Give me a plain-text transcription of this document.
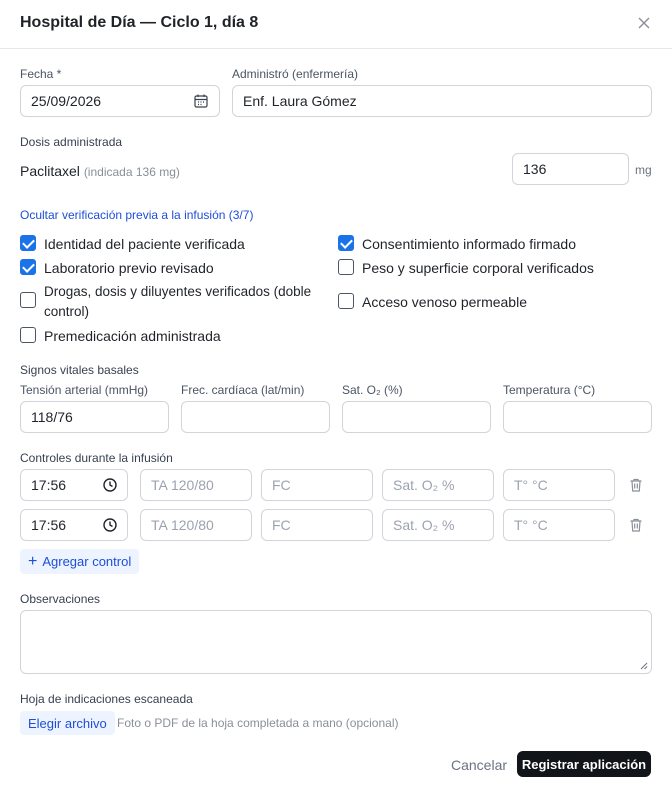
Hospital de Día — Ciclo 1, día 8
Fecha *
25/09/2026
Administró (enfermería)
Enf. Laura Gómez
Dosis administrada
Paclitaxel (indicada 136 mg)	136	mg
Ocultar verificación previa a la infusión (3/7)
Identidad del paciente verificada	Consentimiento informado firmado
Laboratorio previo revisado	Peso y superficie corporal verificados
Drogas, dosis y diluyentes verificados (doble control)
Acceso venoso permeable
Premedicación administrada
Signos vitales basales
Tensión arterial (mmHg)	Frec. cardíaca (lat/min)	Sat. O₂ (%)	Temperatura (°C)
118/76
Controles durante la infusión
17:56	TA 120/80	FC	Sat. O₂ %	T° °C
17:56	TA 120/80	FC	Sat. O₂ %	T° °C
+ Agregar control
Observaciones
Hoja de indicaciones escaneada
Elegir archivo Foto o PDF de la hoja completada a mano (opcional)
Cancelar	Registrar aplicación
